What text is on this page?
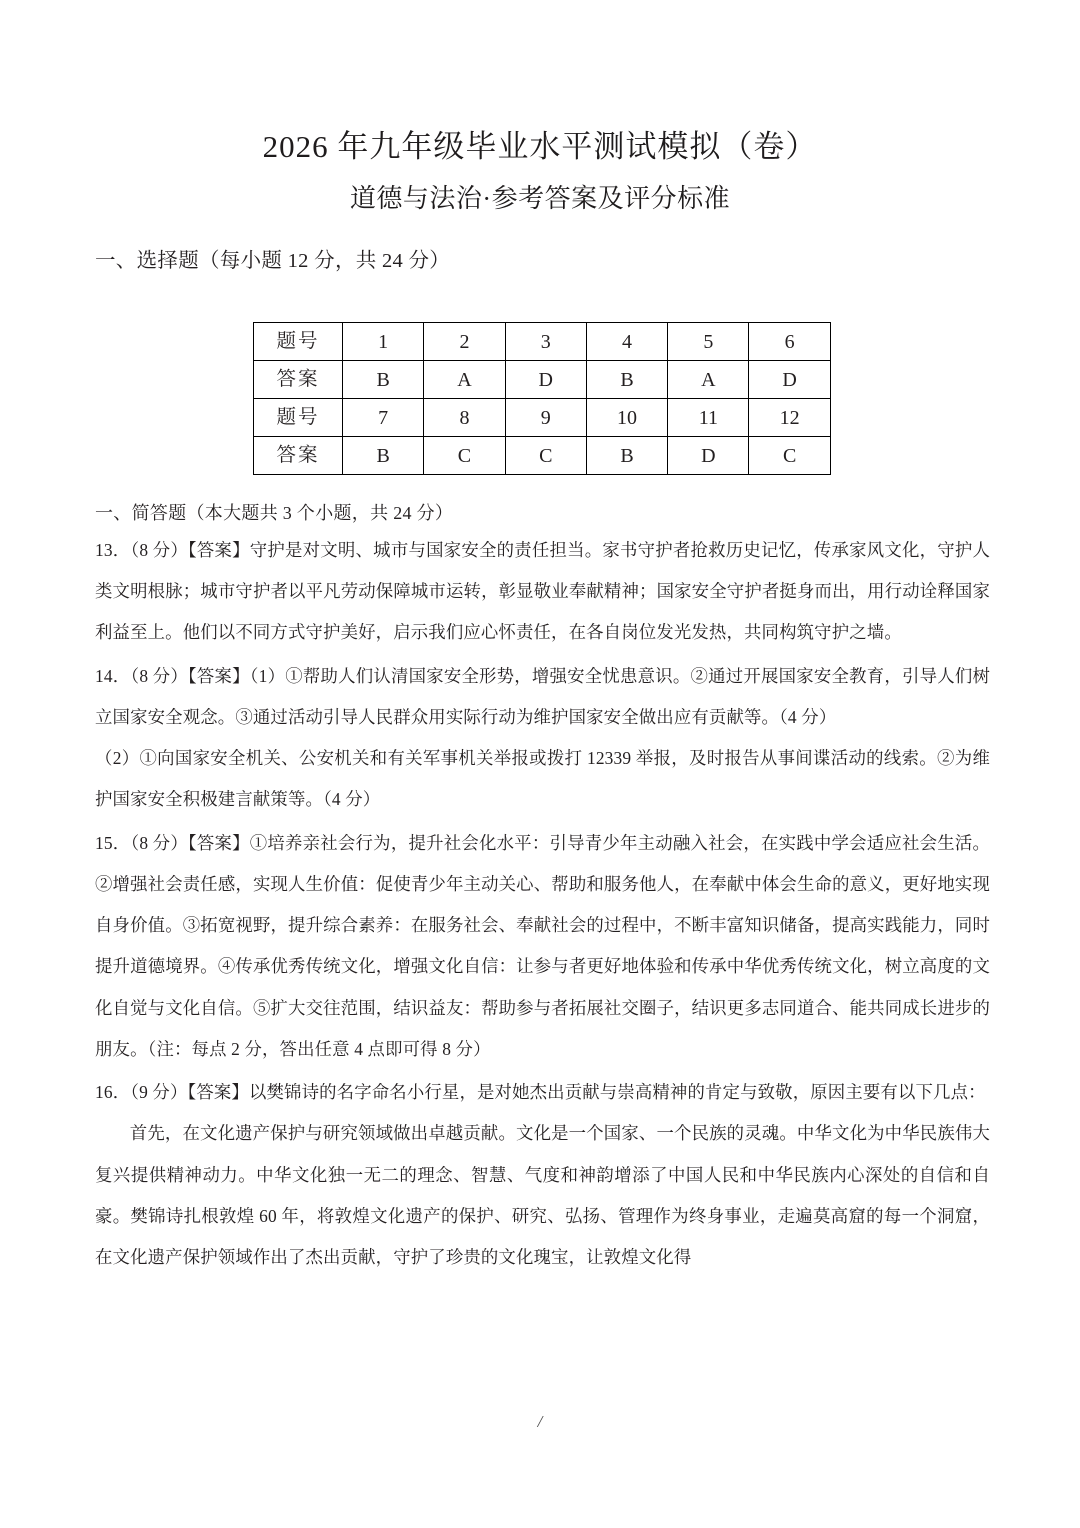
2026 年九年级毕业水平测试模拟（卷）
道德与法治·参考答案及评分标准
一、选择题（每小题 12 分，共 24 分）
题号	1	2	3	4	5	6
答案	B	A	D	B	A	D
题号	7	8	9	10	11	12
答案	B	C	C	B	D	C
一、简答题（本大题共 3 个小题，共 24 分）

13．（8 分）【答案】守护是对文明、城市与国家安全的责任担当。家书守护者抢救历史记忆，传承家风文化，守护人类文明根脉；城市守护者以平凡劳动保障城市运转，彰显敬业奉献精神；国家安全守护者挺身而出，用行动诠释国家利益至上。他们以不同方式守护美好，启示我们应心怀责任，在各自岗位发光发热，共同构筑守护之墙。

14．（8 分）【答案】（1）①帮助人们认清国家安全形势，增强安全忧患意识。②通过开展国家安全教育，引导人们树立国家安全观念。③通过活动引导人民群众用实际行动为维护国家安全做出应有贡献等。（4 分）

（2）①向国家安全机关、公安机关和有关军事机关举报或拨打 12339 举报，及时报告从事间谍活动的线索。②为维护国家安全积极建言献策等。（4 分）

15．（8 分）【答案】①培养亲社会行为，提升社会化水平：引导青少年主动融入社会，在实践中学会适应社会生活。②增强社会责任感，实现人生价值：促使青少年主动关心、帮助和服务他人，在奉献中体会生命的意义，更好地实现自身价值。③拓宽视野，提升综合素养：在服务社会、奉献社会的过程中，不断丰富知识储备，提高实践能力，同时提升道德境界。④传承优秀传统文化，增强文化自信：让参与者更好地体验和传承中华优秀传统文化，树立高度的文化自觉与文化自信。⑤扩大交往范围，结识益友：帮助参与者拓展社交圈子，结识更多志同道合、能共同成长进步的朋友。（注：每点 2 分，答出任意 4 点即可得 8 分）

16．（9 分）【答案】以樊锦诗的名字命名小行星，是对她杰出贡献与崇高精神的肯定与致敬，原因主要有以下几点：

首先，在文化遗产保护与研究领域做出卓越贡献。文化是一个国家、一个民族的灵魂。中华文化为中华民族伟大复兴提供精神动力。中华文化独一无二的理念、智慧、气度和神韵增添了中国人民和中华民族内心深处的自信和自豪。樊锦诗扎根敦煌 60 年，将敦煌文化遗产的保护、研究、弘扬、管理作为终身事业，走遍莫高窟的每一个洞窟，在文化遗产保护领域作出了杰出贡献，守护了珍贵的文化瑰宝，让敦煌文化得

/
